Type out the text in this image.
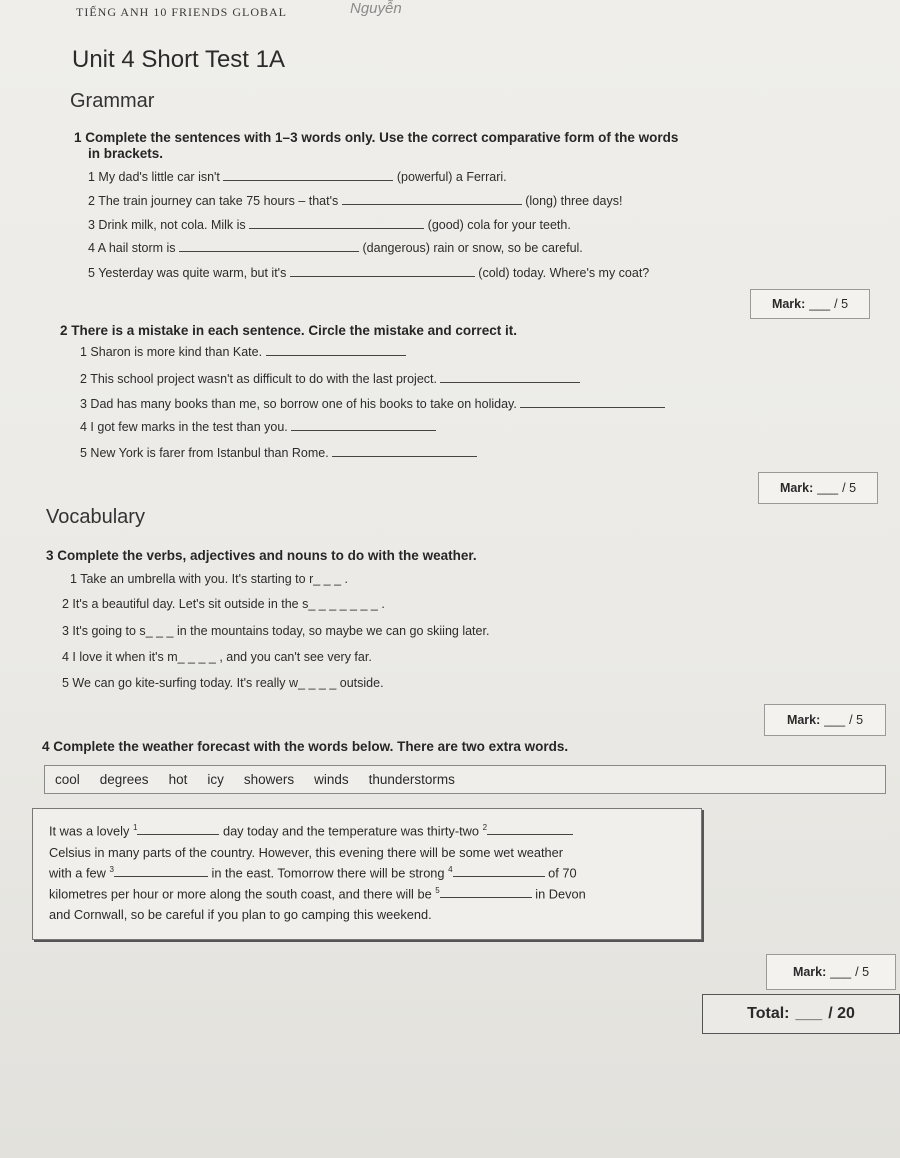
TIẾNG ANH 10 FRIENDS GLOBAL	Nguyễn
Unit 4 Short Test 1A
Grammar
1 Complete the sentences with 1–3 words only. Use the correct comparative form of the words
in brackets.
1 My dad's little car isn't	(powerful) a Ferrari.
2 The train journey can take 75 hours – that's	(long) three days!
3 Drink milk, not cola. Milk is	(good) cola for your teeth.
4 A hail storm is	(dangerous) rain or snow, so be careful.
5 Yesterday was quite warm, but it's	(cold) today. Where's my coat?
Mark: ___ / 5
2 There is a mistake in each sentence. Circle the mistake and correct it.
1 Sharon is more kind than Kate.
2 This school project wasn't as difficult to do with the last project.
3 Dad has many books than me, so borrow one of his books to take on holiday.
4 I got few marks in the test than you.
5 New York is farer from Istanbul than Rome.
Mark: ___ / 5
Vocabulary
3 Complete the verbs, adjectives and nouns to do with the weather.
1 Take an umbrella with you. It's starting to r_ _ _ .
2 It's a beautiful day. Let's sit outside in the s_ _ _ _ _ _ _ .
3 It's going to s_ _ _ in the mountains today, so maybe we can go skiing later.
4 I love it when it's m_ _ _ _ , and you can't see very far.
5 We can go kite-surfing today. It's really w_ _ _ _ outside.
Mark: ___ / 5
4 Complete the weather forecast with the words below. There are two extra words.
cool degrees hot icy showers winds thunderstorms
It was a lovely $^1$	day today and the temperature was thirty-two $^2$
Celsius in many parts of the country. However, this evening there will be some wet weather
with a few $^3$	in the east. Tomorrow there will be strong $^4$	of 70
kilometres per hour or more along the south coast, and there will be $^5$	in Devon
and Cornwall, so be careful if you plan to go camping this weekend.
Mark: ___ / 5
Total: ___ / 20
